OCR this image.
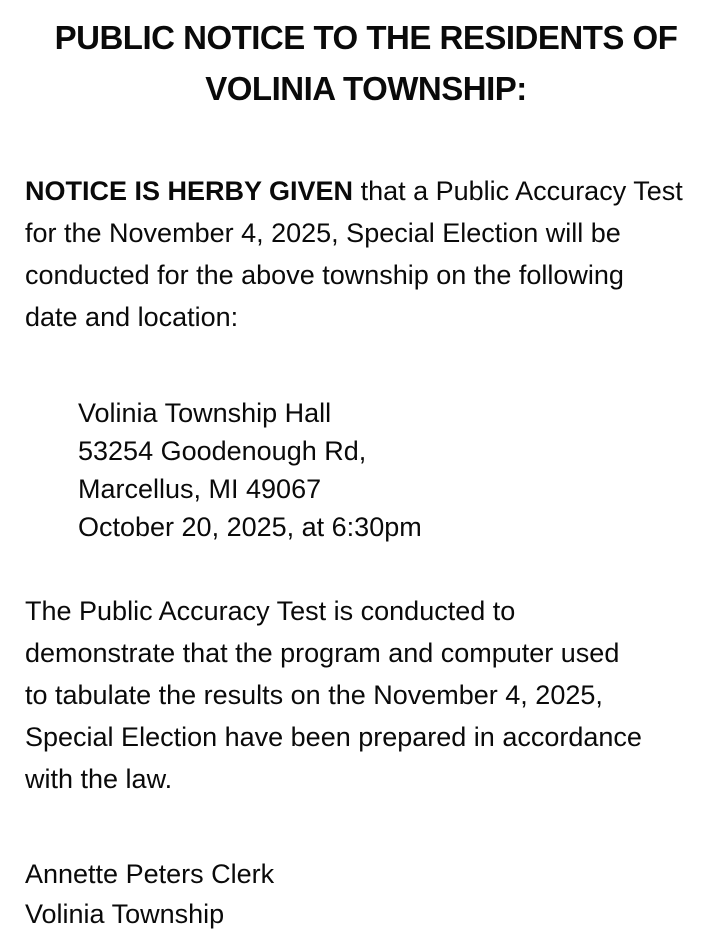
PUBLIC NOTICE TO THE RESIDENTS OF
VOLINIA TOWNSHIP:

NOTICE IS HERBY GIVEN that a Public Accuracy Test
for the November 4, 2025, Special Election will be
conducted for the above township on the following
date and location:

Volinia Township Hall
53254 Goodenough Rd,
Marcellus, MI 49067
October 20, 2025, at 6:30pm

The Public Accuracy Test is conducted to
demonstrate that the program and computer used
to tabulate the results on the November 4, 2025,
Special Election have been prepared in accordance
with the law.

Annette Peters Clerk
Volinia Township
